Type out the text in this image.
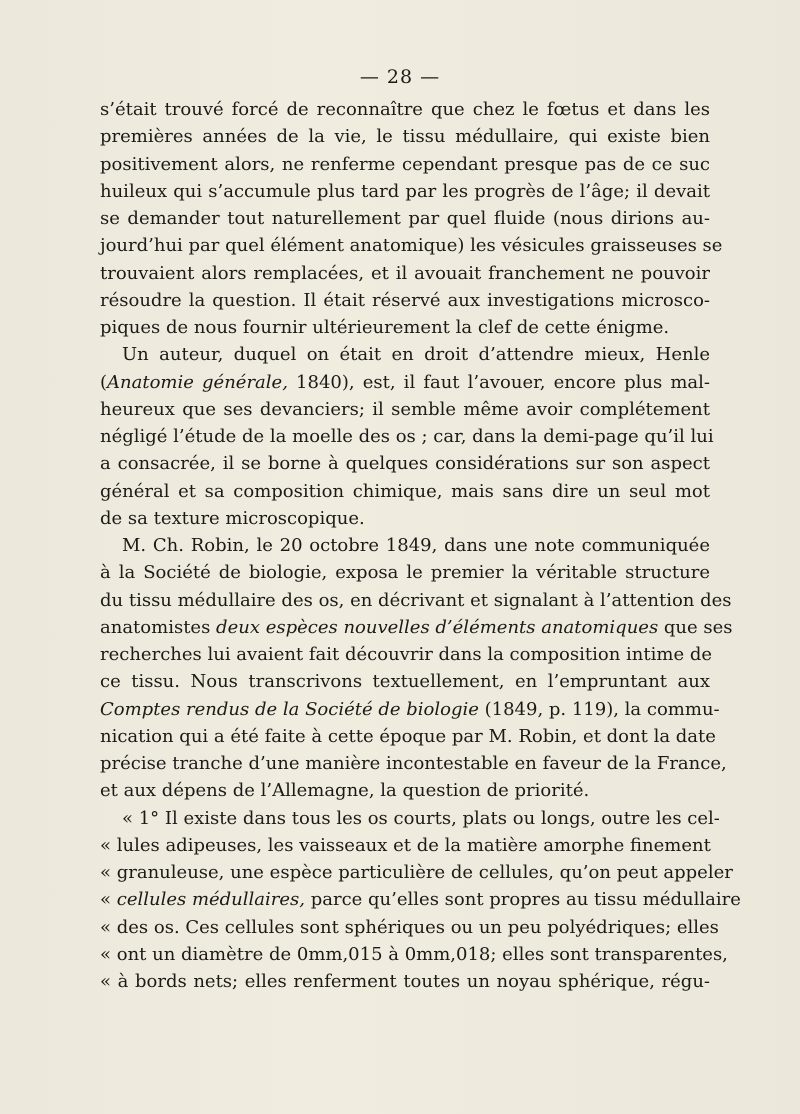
— 28 —
s’était trouvé forcé de reconnaître que chez le fœtus et dans les
premières années de la vie, le tissu médullaire, qui existe bien
positivement alors, ne renferme cependant presque pas de ce suc
huileux qui s’accumule plus tard par les progrès de l’âge; il devait
se demander tout naturellement par quel fluide (nous dirions au-
jourd’hui par quel élément anatomique) les vésicules graisseuses se
trouvaient alors remplacées, et il avouait franchement ne pouvoir
résoudre la question. Il était réservé aux investigations microsco-
piques de nous fournir ultérieurement la clef de cette énigme.
Un auteur, duquel on était en droit d’attendre mieux, Henle
(Anatomie générale, 1840), est, il faut l’avouer, encore plus mal-
heureux que ses devanciers; il semble même avoir complétement
négligé l’étude de la moelle des os ; car, dans la demi-page qu’il lui
a consacrée, il se borne à quelques considérations sur son aspect
général et sa composition chimique, mais sans dire un seul mot
de sa texture microscopique.
M. Ch. Robin, le 20 octobre 1849, dans une note communiquée
à la Société de biologie, exposa le premier la véritable structure
du tissu médullaire des os, en décrivant et signalant à l’attention des
anatomistes deux espèces nouvelles d’éléments anatomiques que ses
recherches lui avaient fait découvrir dans la composition intime de
ce tissu. Nous transcrivons textuellement, en l’empruntant aux
Comptes rendus de la Société de biologie (1849, p. 119), la commu-
nication qui a été faite à cette époque par M. Robin, et dont la date
précise tranche d’une manière incontestable en faveur de la France,
et aux dépens de l’Allemagne, la question de priorité.
« 1° Il existe dans tous les os courts, plats ou longs, outre les cel-
« lules adipeuses, les vaisseaux et de la matière amorphe finement
« granuleuse, une espèce particulière de cellules, qu’on peut appeler
« cellules médullaires, parce qu’elles sont propres au tissu médullaire
« des os. Ces cellules sont sphériques ou un peu polyédriques; elles
« ont un diamètre de 0mm,015 à 0mm,018; elles sont transparentes,
« à bords nets; elles renferment toutes un noyau sphérique, régu-
